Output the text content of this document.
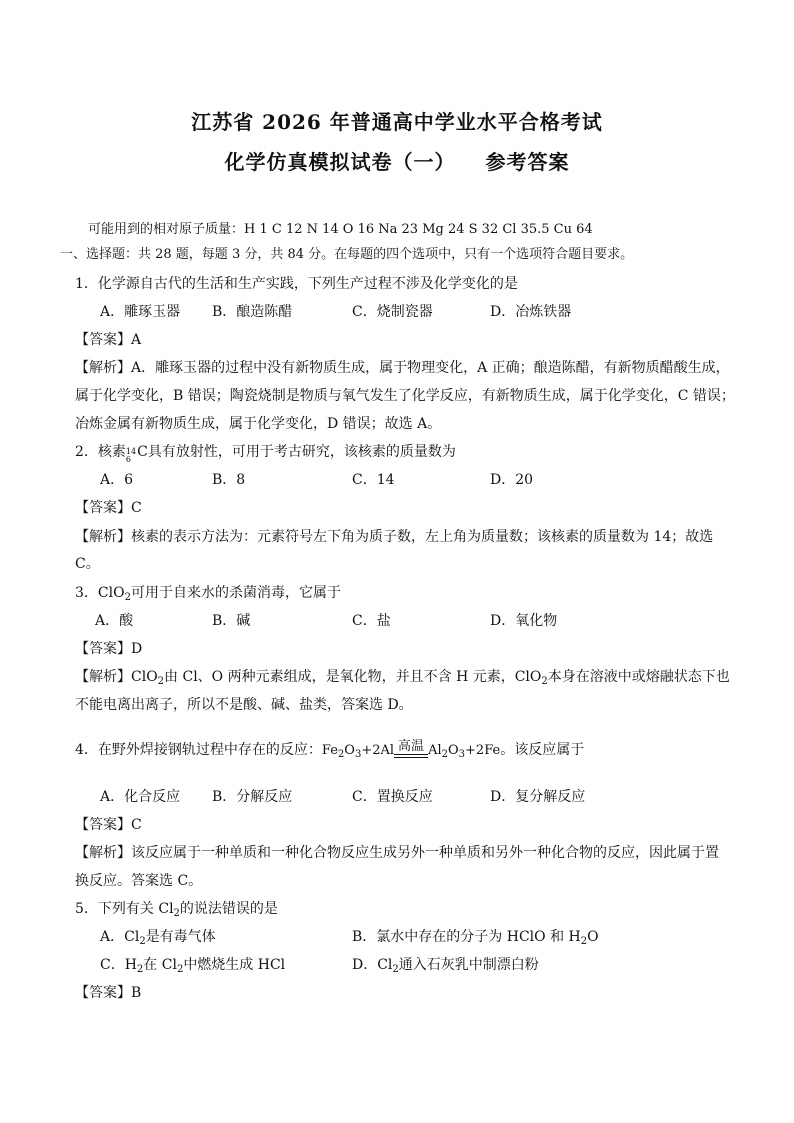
江苏省 2026 年普通高中学业水平合格考试
化学仿真模拟试卷（一） 参考答案
可能用到的相对原子质量：H 1 C 12 N 14 O 16 Na 23 Mg 24 S 32 Cl 35.5 Cu 64
一、选择题：共 28 题，每题 3 分，共 84 分。在每题的四个选项中，只有一个选项符合题目要求。
1．化学源自古代的生活和生产实践，下列生产过程不涉及化学变化的是
A．雕琢玉器 B．酿造陈醋	C．烧制瓷器	D．冶炼铁器
【答案】A
【解析】A．雕琢玉器的过程中没有新物质生成，属于物理变化，A 正确；酿造陈醋，有新物质醋酸生成，
属于化学变化，B 错误；陶瓷烧制是物质与氧气发生了化学反应，有新物质生成，属于化学变化，C 错误；
冶炼金属有新物质生成，属于化学变化，D 错误；故选 A。
2．核素 14
6 C具有放射性，可用于考古研究，该核素的质量数为
A．6	B．8	C．14	D．20
【答案】C
【解析】核素的表示方法为：元素符号左下角为质子数，左上角为质量数；该核素的质量数为 14；故选
C。
3．ClO$_2$可用于自来水的杀菌消毒，它属于
A．酸	B．碱	C．盐	D．氧化物
【答案】D
【解析】ClO$_2$由 Cl、O 两种元素组成，是氧化物，并且不含 H 元素，ClO$_2$本身在溶液中或熔融状态下也
不能电离出离子，所以不是酸、碱、盐类，答案选 D。
4．在野外焊接钢轨过程中存在的反应：$Fe_2O_3+2Al$ 高温 $Al_2O_3+2Fe$。该反应属于
A．化合反应 B．分解反应	C．置换反应	D．复分解反应
【答案】C
【解析】该反应属于一种单质和一种化合物反应生成另外一种单质和另外一种化合物的反应，因此属于置
换反应。答案选 C。
5．下列有关 $Cl_2$的说法错误的是
A．$Cl_2$是有毒气体	B．氯水中存在的分子为 HClO 和 $H_2O$
C．$H_2$在 $Cl_2$中燃烧生成 HCl	D．$Cl_2$通入石灰乳中制漂白粉
【答案】B
